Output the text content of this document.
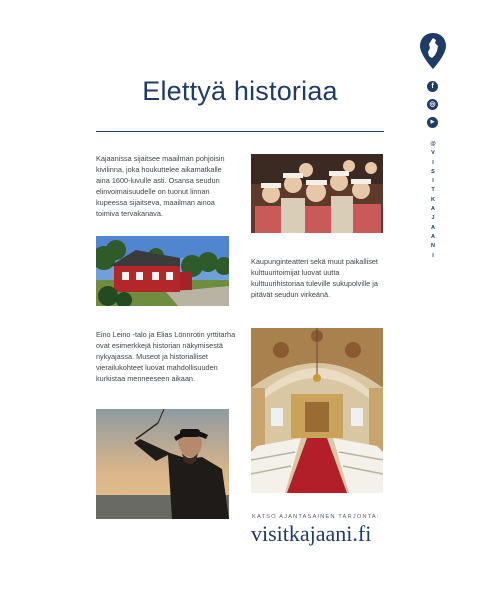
Elettyä historiaa

Kajaanissa sijaitsee maailman pohjoisin kivilinna, joka houkuttelee aikamatkalle aina 1600-luvulle asti. Osansa seudun elinvoimaisuudelle on tuonut linnan kupeessa sijaitseva, maailman ainoa toimiva tervakanava.

Kaupunginteatteri sekä muut paikalliset kulttuuritoimijat luovat uutta kulttuurihistoriaa tuleville sukupolville ja pitävät seudun virkeänä.

Eino Leino -talo ja Elias Lönnrotin yrttitarha ovat esimerkkejä historian näkymisestä nykyajassa. Museot ja historialliset vierailukohteet luovat mahdollisuuden kurkistaa menneeseen aikaan.

KATSO AJANTASAINEN TARJONTA:
visitkajaani.fi
f
◎
▶
@
V
I
S
I
T
K
A
J
A
A
N
I
